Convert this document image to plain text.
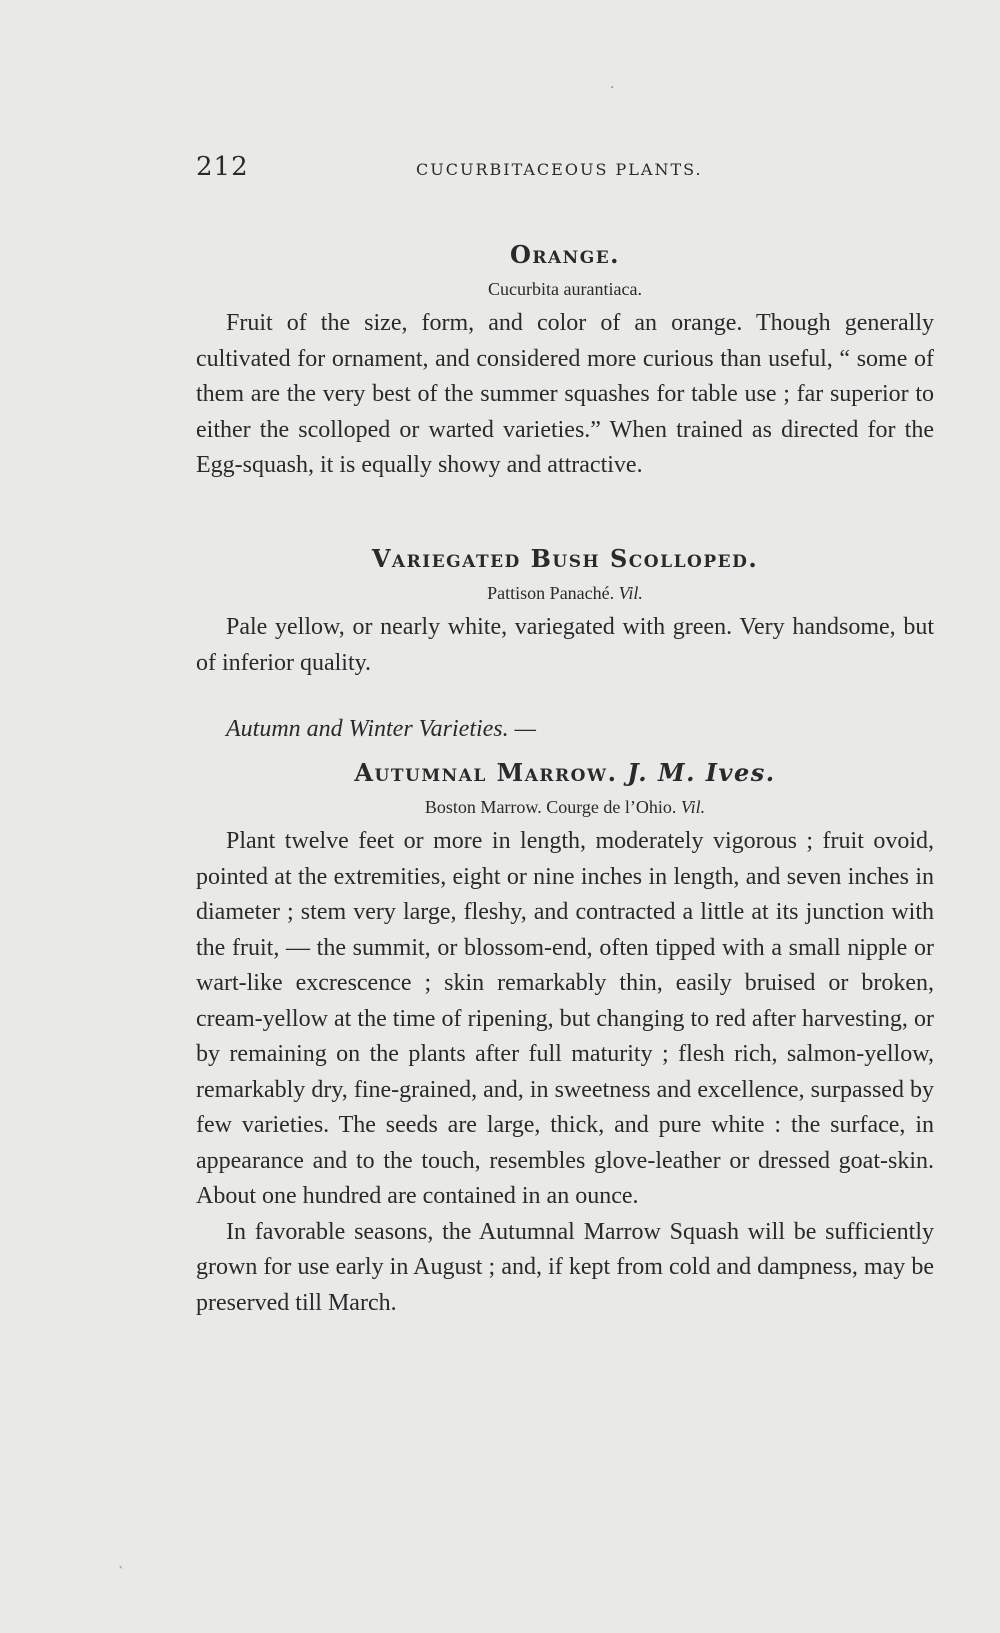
212	CUCURBITACEOUS PLANTS.
Orange.
Cucurbita aurantiaca.

Fruit of the size, form, and color of an orange. Though generally cultivated for ornament, and considered more curious than useful, “ some of them are the very best of the summer squashes for table use ; far superior to either the scolloped or warted varieties.” When trained as directed for the Egg-squash, it is equally showy and attractive.

Variegated Bush Scolloped.
Pattison Panaché. Vil.

Pale yellow, or nearly white, variegated with green. Very handsome, but of inferior quality.

Autumn and Winter Varieties. —
Autumnal Marrow. J. M. Ives.
Boston Marrow. Courge de l’Ohio. Vil.

Plant twelve feet or more in length, moderately vigorous ; fruit ovoid, pointed at the extremities, eight or nine inches in length, and seven inches in diameter ; stem very large, fleshy, and contracted a little at its junction with the fruit, — the summit, or blossom-end, often tipped with a small nipple or wart-like excrescence ; skin remarkably thin, easily bruised or broken, cream-yellow at the time of ripening, but changing to red after harvesting, or by remaining on the plants after full maturity ; flesh rich, salmon-yellow, remarkably dry, fine-grained, and, in sweetness and excellence, surpassed by few varieties. The seeds are large, thick, and pure white : the surface, in appearance and to the touch, resembles glove-leather or dressed goat-skin. About one hundred are contained in an ounce.

In favorable seasons, the Autumnal Marrow Squash will be sufficiently grown for use early in August ; and, if kept from cold and dampness, may be preserved till March.

·
ˋ
